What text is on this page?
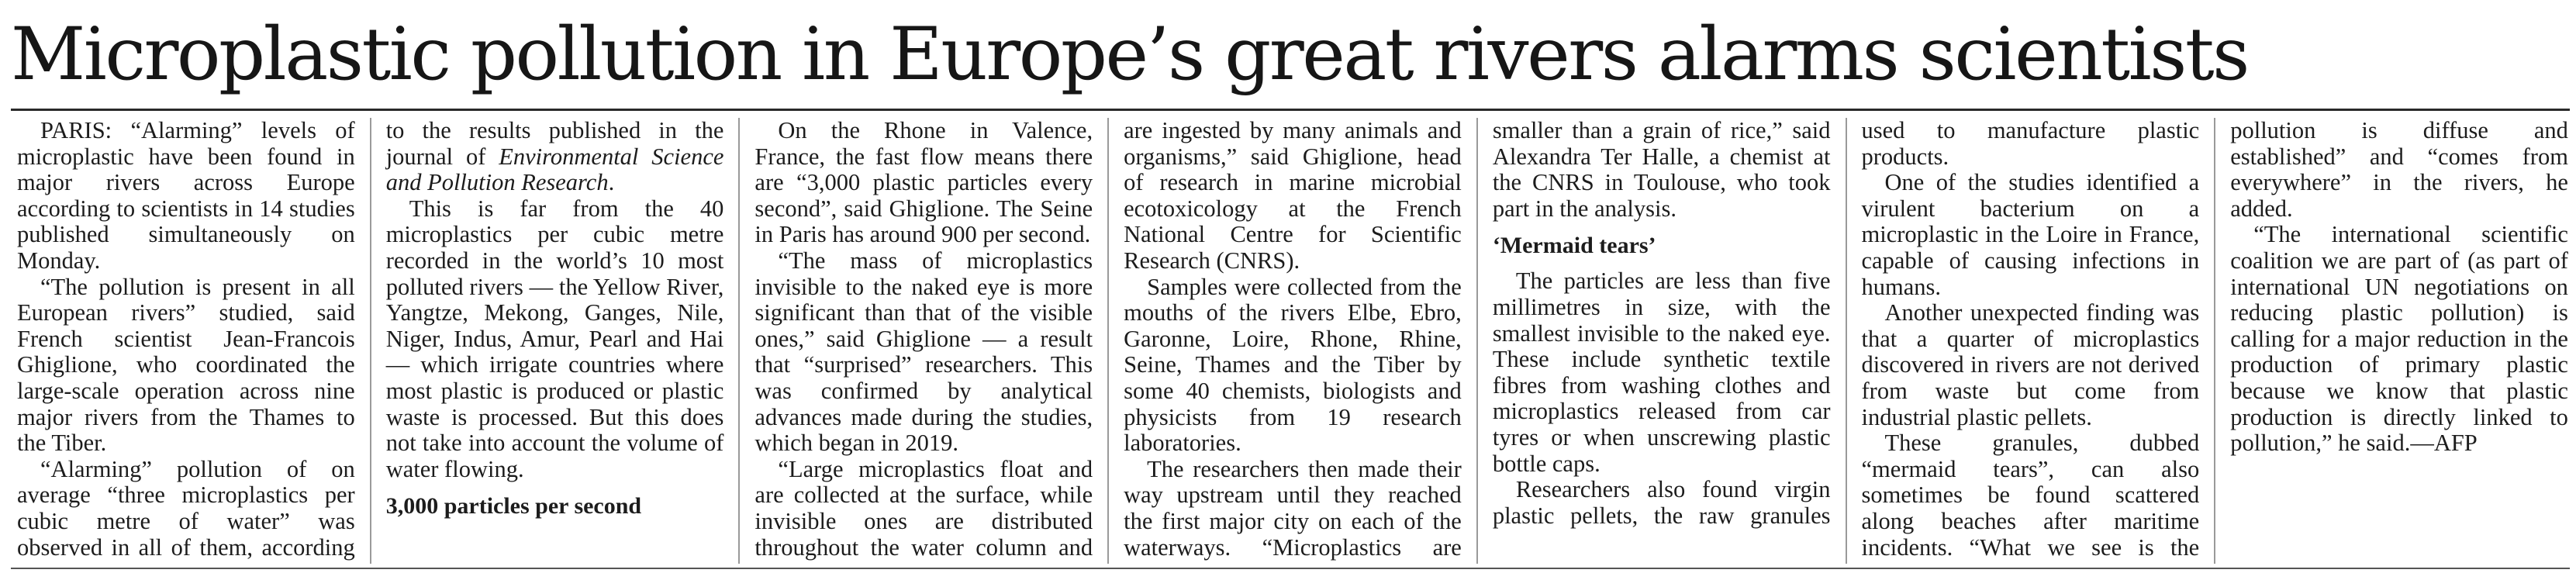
Microplastic pollution in Europe’s great rivers alarms scientists

PARIS: “Alarming” levels of microplastic have been found in major rivers across Europe according to scientists in 14 studies published simultaneously on Monday.

“The pollution is present in all European rivers” studied, said French scientist Jean-Francois Ghiglione, who coordinated the large-scale operation across nine major rivers from the Thames to the Tiber.

“Alarming” pollution of on average “three microplastics per cubic metre of water” was observed in all of them, according to the results published in the journal of Environmental Science and Pollution Research.

This is far from the 40 microplastics per cubic metre recorded in the world’s 10 most polluted rivers — the Yellow River, Yangtze, Mekong, Ganges, Nile, Niger, Indus, Amur, Pearl and Hai — which irrigate countries where most plastic is produced or plastic waste is processed. But this does not take into account the volume of water flowing.

3,000 particles per second

On the Rhone in Valence, France, the fast flow means there are “3,000 plastic particles every second”, said Ghiglione. The Seine in Paris has around 900 per second.

“The mass of microplastics invisible to the naked eye is more significant than that of the visible ones,” said Ghiglione — a result that “surprised” researchers. This was confirmed by analytical advances made during the studies, which began in 2019.

“Large microplastics float and are collected at the surface, while invisible ones are distributed throughout the water column and are ingested by many animals and organisms,” said Ghiglione, head of research in marine microbial ecotoxicology at the French National Centre for Scientific Research (CNRS).

Samples were collected from the mouths of the rivers Elbe, Ebro, Garonne, Loire, Rhone, Rhine, Seine, Thames and the Tiber by some 40 chemists, biologists and physicists from 19 research laboratories.

The researchers then made their way upstream until they reached the first major city on each of the waterways. “Microplastics are smaller than a grain of rice,” said Alexandra Ter Halle, a chemist at the CNRS in Toulouse, who took part in the analysis.

‘Mermaid tears’

The particles are less than five millimetres in size, with the smallest invisible to the naked eye. These include synthetic textile fibres from washing clothes and microplastics released from car tyres or when unscrewing plastic bottle caps.

Researchers also found virgin plastic pellets, the raw granules used to manufacture plastic products.

One of the studies identified a virulent bacterium on a microplastic in the Loire in France, capable of causing infections in humans.

Another unexpected finding was that a quarter of microplastics discovered in rivers are not derived from waste but come from industrial plastic pellets.

These granules, dubbed “mermaid tears”, can also sometimes be found scattered along beaches after maritime incidents. “What we see is the pollution is diffuse and established” and “comes from everywhere” in the rivers, he added.

“The international scientific coalition we are part of (as part of international UN negotiations on reducing plastic pollution) is calling for a major reduction in the production of primary plastic because we know that plastic production is directly linked to pollution,” he said.—AFP
